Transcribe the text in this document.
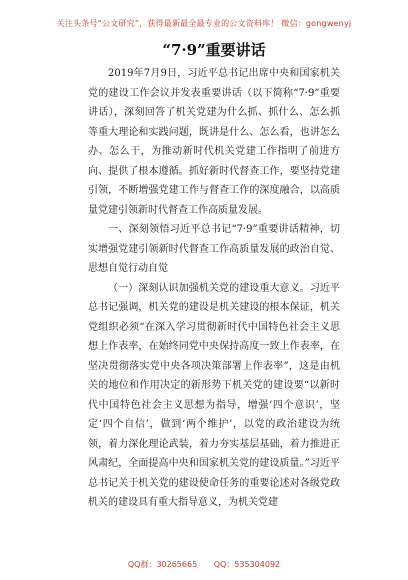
关注头条号“公文研究”，获得最新最全最专业的公文资料库！ 微信：gongwenyj
“7·9”重要讲话

2019年7月9日，习近平总书记出席中央和国家机关党的建设工作会议并发表重要讲话（以下简称“7·9”重要讲话），深刻回答了机关党建为什么抓、抓什么、怎么抓等重大理论和实践问题，既讲是什么、怎么看，也讲怎么办、怎么干，为推动新时代机关党建工作指明了前进方向、提供了根本遵循。抓好新时代督查工作，要坚持党建引领，不断增强党建工作与督查工作的深度融合，以高质量党建引领新时代督查工作高质量发展。

一、深刻领悟习近平总书记“7·9”重要讲话精神，切实增强党建引领新时代督查工作高质量发展的政治自觉、思想自觉行动自觉

（一）深刻认识加强机关党的建设重大意义。习近平总书记强调，机关党的建设是机关建设的根本保证，机关党组织必须“在深入学习贯彻新时代中国特色社会主义思想上作表率，在始终同党中央保持高度一致上作表率，在坚决贯彻落实党中央各项决策部署上作表率”，这是由机关的地位和作用决定的新形势下机关党的建设要“以新时代中国特色社会主义思想为指导，增强‘四个意识’，坚定‘四个自信’，做到‘两个维护’，以党的政治建设为统领，着力深化理论武装，着力夯实基层基础，着力推进正风肃纪，全面提高中央和国家机关党的建设质量。”习近平总书记关于机关党的建设使命任务的重要论述对各级党政机关的建设具有重大指导意义，为机关党建

QQ群：30265665 QQ：535304092
